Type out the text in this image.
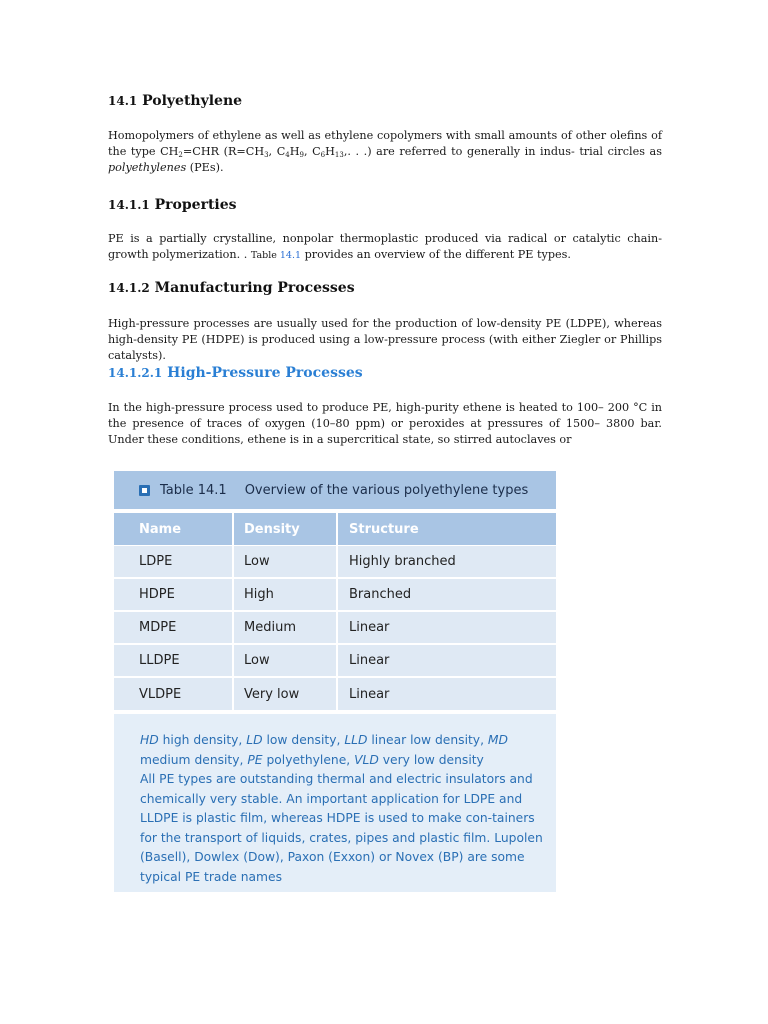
14.1 Polyethylene

Homopolymers of ethylene as well as ethylene copolymers with small amounts of other olefins of the type $CH_2=CHR$ ($R=CH_3$, $C_4H_9$, $C_6H_{13}$,. . .) are referred to generally in indus- trial circles as polyethylenes (PEs).

14.1.1 Properties

PE is a partially crystalline, nonpolar thermoplastic produced via radical or catalytic chain-growth polymerization. . Table 14.1 provides an overview of the different PE types.

14.1.2 Manufacturing Processes

High-pressure processes are usually used for the production of low-density PE (LDPE), whereas high-density PE (HDPE) is produced using a low-pressure process (with either Ziegler or Phillips catalysts).

14.1.2.1 High-Pressure Processes

In the high-pressure process used to produce PE, high-purity ethene is heated to 100– 200 °C in the presence of traces of oxygen (10–80 ppm) or peroxides at pressures of 1500– 3800 bar. Under these conditions, ethene is in a supercritical state, so stirred autoclaves or

Table 14.1 Overview of the various polyethylene types
Name	Density	Structure
LDPE	Low	Highly branched
HDPE	High	Branched
MDPE	Medium	Linear
LLDPE	Low	Linear
VLDPE	Very low	Linear

HD high density, LD low density, LLD linear low density, MD medium density, PE polyethylene, VLD very low density

All PE types are outstanding thermal and electric insulators and chemically very stable. An important application for LDPE and LLDPE is plastic film, whereas HDPE is used to make con-tainers for the transport of liquids, crates, pipes and plastic film. Lupolen (Basell), Dowlex (Dow), Paxon (Exxon) or Novex (BP) are some typical PE trade names
